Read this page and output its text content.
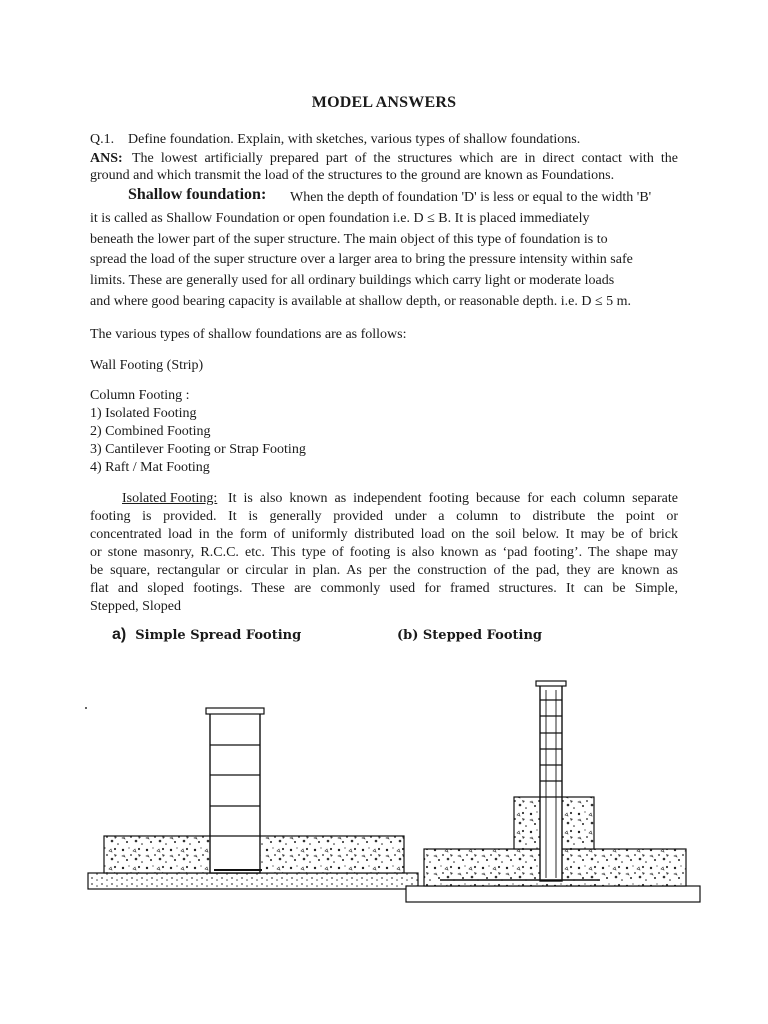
MODEL ANSWERS
Q.1. Define foundation. Explain, with sketches, various types of shallow foundations.
ANS: The lowest artificially prepared part of the structures which are in direct contact with the
ground and which transmit the load of the structures to the ground are known as Foundations.
Shallow foundation: When the depth of foundation 'D' is less or equal to the width 'B'
it is called as Shallow Foundation or open foundation i.e. D ≤ B. It is placed immediately
beneath the lower part of the super structure. The main object of this type of foundation is to
spread the load of the super structure over a larger area to bring the pressure intensity within safe
limits. These are generally used for all ordinary buildings which carry light or moderate loads
and where good bearing capacity is available at shallow depth, or reasonable depth. i.e. D ≤ 5 m.
The various types of shallow foundations are as follows:
Wall Footing (Strip)
Column Footing :
1) Isolated Footing
2) Combined Footing
3) Cantilever Footing or Strap Footing
4) Raft / Mat Footing
Isolated Footing: It is also known as independent footing because for each column separate
footing is provided. It is generally provided under a column to distribute the point or
concentrated load in the form of uniformly distributed load on the soil below. It may be of brick
or stone masonry, R.C.C. etc. This type of footing is also known as ‘pad footing’. The shape may
be square, rectangular or circular in plan. As per the construction of the pad, they are known as
flat and sloped footings. These are commonly used for framed structures. It can be Simple,
Stepped, Sloped
a) Simple Spread Footing	(b) Stepped Footing
